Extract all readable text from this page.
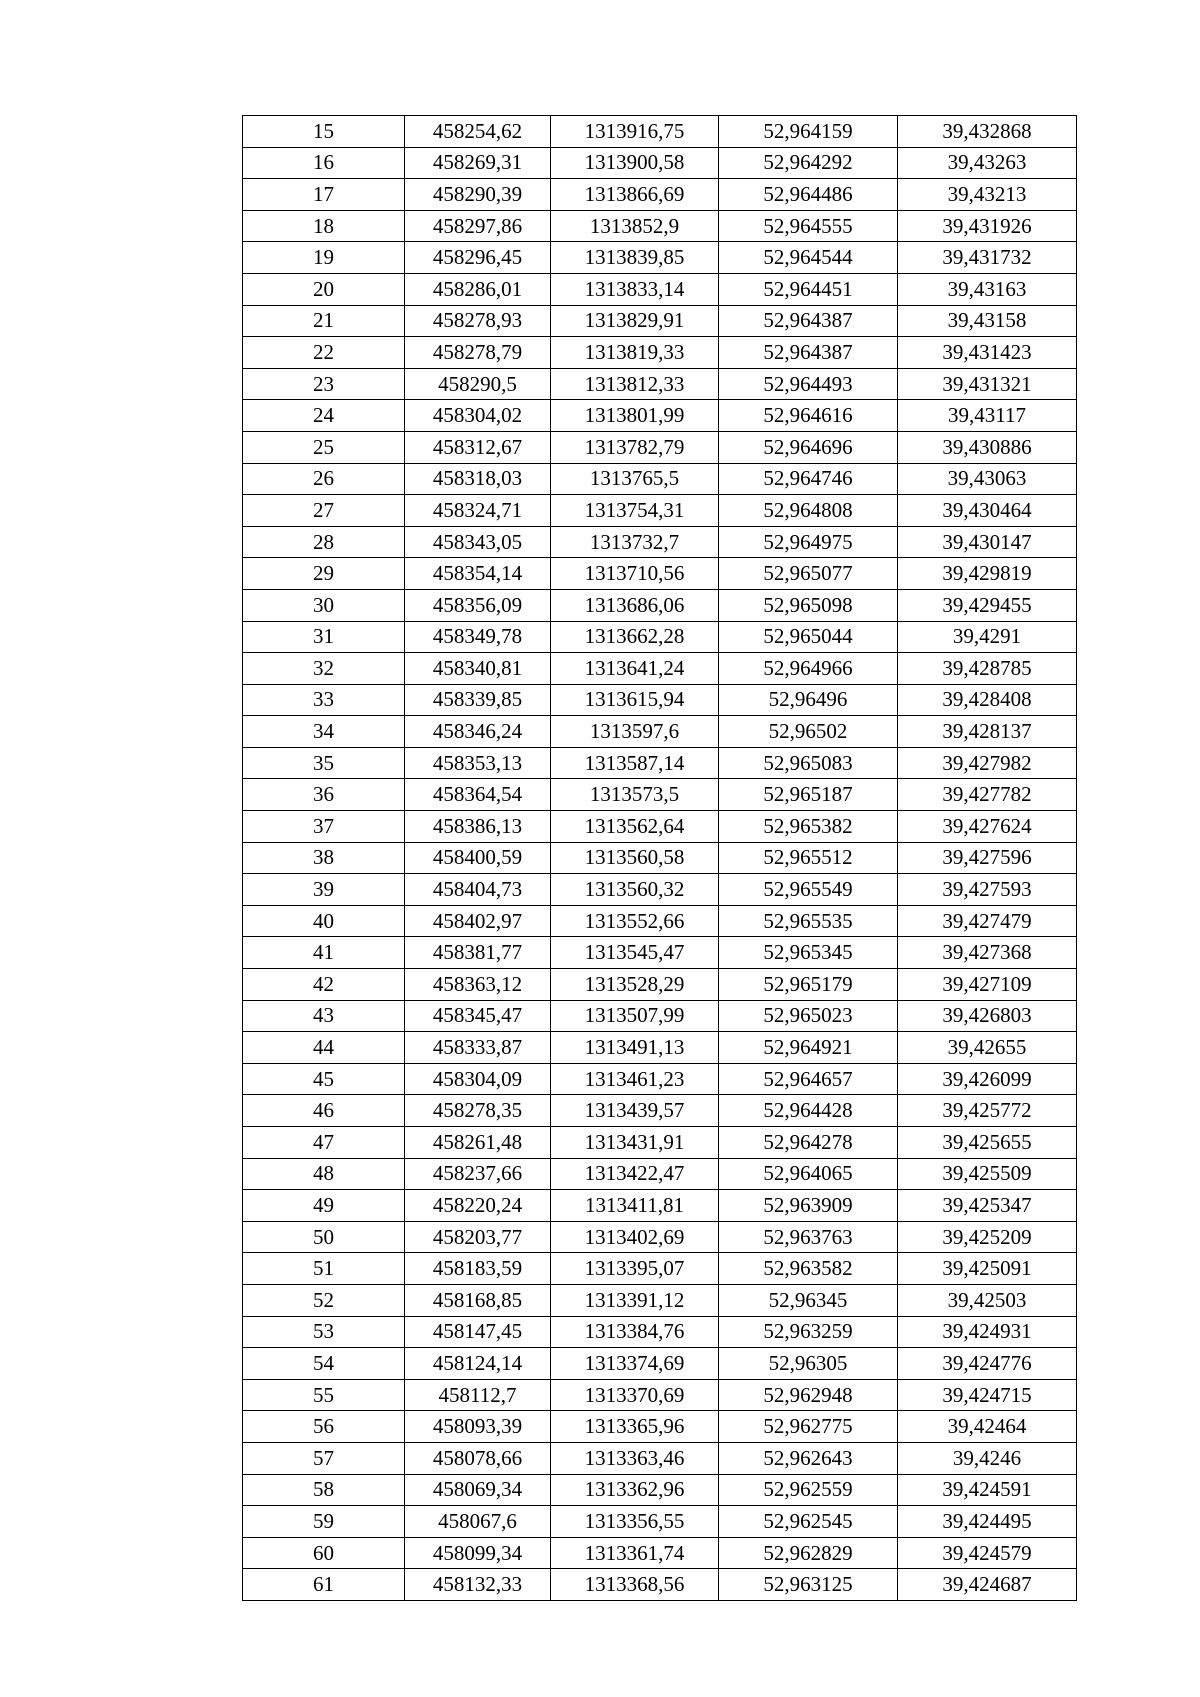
15	458254,62	1313916,75	52,964159	39,432868
16	458269,31	1313900,58	52,964292	39,43263
17	458290,39	1313866,69	52,964486	39,43213
18	458297,86	1313852,9	52,964555	39,431926
19	458296,45	1313839,85	52,964544	39,431732
20	458286,01	1313833,14	52,964451	39,43163
21	458278,93	1313829,91	52,964387	39,43158
22	458278,79	1313819,33	52,964387	39,431423
23	458290,5	1313812,33	52,964493	39,431321
24	458304,02	1313801,99	52,964616	39,43117
25	458312,67	1313782,79	52,964696	39,430886
26	458318,03	1313765,5	52,964746	39,43063
27	458324,71	1313754,31	52,964808	39,430464
28	458343,05	1313732,7	52,964975	39,430147
29	458354,14	1313710,56	52,965077	39,429819
30	458356,09	1313686,06	52,965098	39,429455
31	458349,78	1313662,28	52,965044	39,4291
32	458340,81	1313641,24	52,964966	39,428785
33	458339,85	1313615,94	52,96496	39,428408
34	458346,24	1313597,6	52,96502	39,428137
35	458353,13	1313587,14	52,965083	39,427982
36	458364,54	1313573,5	52,965187	39,427782
37	458386,13	1313562,64	52,965382	39,427624
38	458400,59	1313560,58	52,965512	39,427596
39	458404,73	1313560,32	52,965549	39,427593
40	458402,97	1313552,66	52,965535	39,427479
41	458381,77	1313545,47	52,965345	39,427368
42	458363,12	1313528,29	52,965179	39,427109
43	458345,47	1313507,99	52,965023	39,426803
44	458333,87	1313491,13	52,964921	39,42655
45	458304,09	1313461,23	52,964657	39,426099
46	458278,35	1313439,57	52,964428	39,425772
47	458261,48	1313431,91	52,964278	39,425655
48	458237,66	1313422,47	52,964065	39,425509
49	458220,24	1313411,81	52,963909	39,425347
50	458203,77	1313402,69	52,963763	39,425209
51	458183,59	1313395,07	52,963582	39,425091
52	458168,85	1313391,12	52,96345	39,42503
53	458147,45	1313384,76	52,963259	39,424931
54	458124,14	1313374,69	52,96305	39,424776
55	458112,7	1313370,69	52,962948	39,424715
56	458093,39	1313365,96	52,962775	39,42464
57	458078,66	1313363,46	52,962643	39,4246
58	458069,34	1313362,96	52,962559	39,424591
59	458067,6	1313356,55	52,962545	39,424495
60	458099,34	1313361,74	52,962829	39,424579
61	458132,33	1313368,56	52,963125	39,424687
